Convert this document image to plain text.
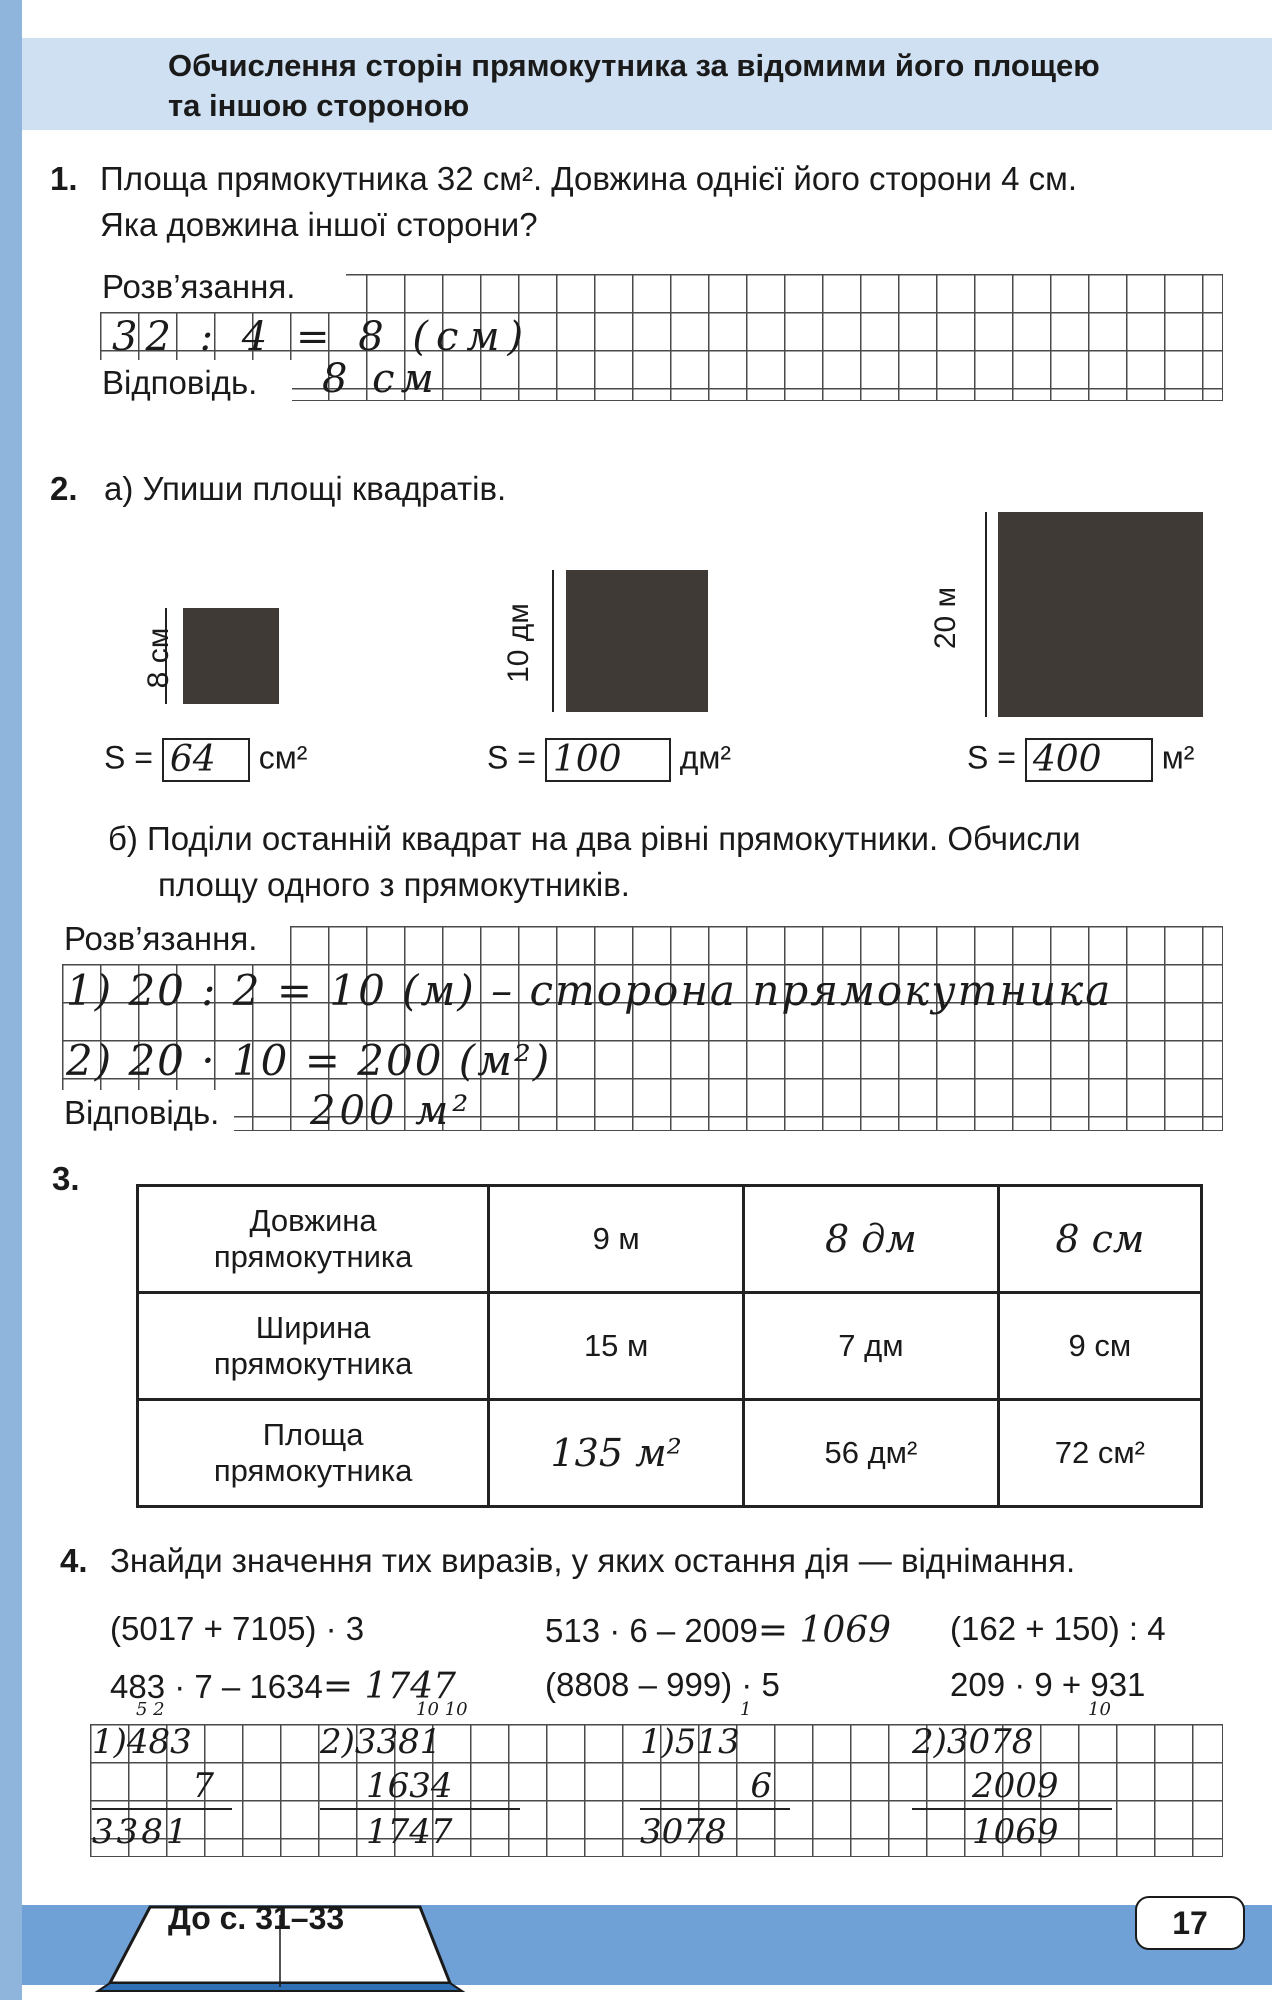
Обчислення сторін прямокутника за відомими його площею
та іншою стороною
1. Площа прямокутника 32 см². Довжина однієї його сторони 4 см.
Яка довжина іншої сторони?
Розв’язання.
32 : 4 = 8 (см)
Відповідь. 8 см
2. а) Упиши площі квадратів.
8 см
S = 64 см²
10 дм
S = 100 дм²
20 м
S = 400 м²
б) Поділи останній квадрат на два рівні прямокутники. Обчисли
площу одного з прямокутників.
Розв’язання.
1) 20 : 2 = 10 (м) – сторона прямокутника
2) 20 · 10 = 200 (м²)
Відповідь. 200 м²
3.
Довжина
прямокутника	9 м	8 дм	8 см

Ширина
прямокутника	15 м	7 дм	9 см

Площа
прямокутника	135 м²	56 дм²	72 см²
4. Знайди значення тих виразів, у яких остання дія — віднімання.
(5017 + 7105) · 3	513 · 6 – 2009= 1069 (162 + 150) : 4
483 · 7 – 1634= 1747	(8808 – 999) · 5	209 · 9 + 931
5 2
1)483
7
3381
10 10
2)3381
1634
1747
1
1)513
6
3078
10
2)3078
2009
1069
До с. 31–33	17
